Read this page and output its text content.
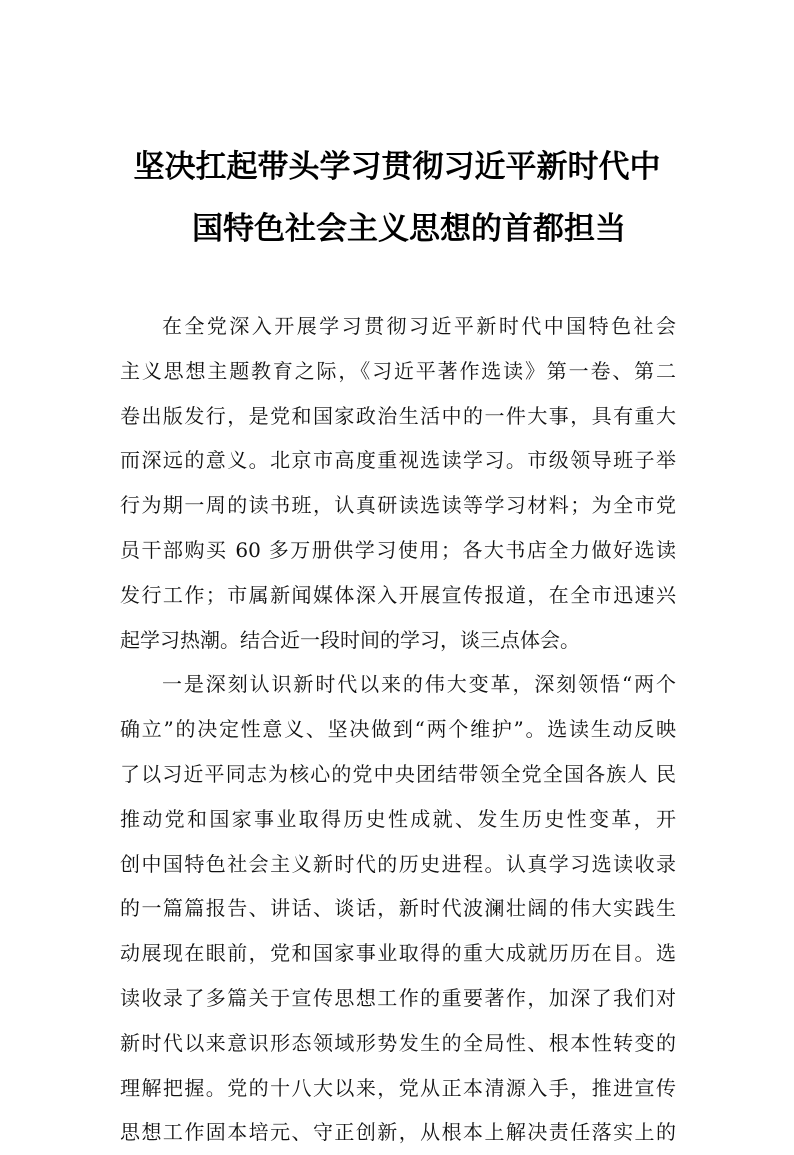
坚决扛起带头学习贯彻习近平新时代中
国特色社会主义思想的首都担当
在全党深入开展学习贯彻习近平新时代中国特色社会
主义思想主题教育之际，《习近平著作选读》第一卷、第二
卷出版发行，是党和国家政治生活中的一件大事，具有重大
而深远的意义。北京市高度重视选读学习。市级领导班子举
行为期一周的读书班，认真研读选读等学习材料；为全市党
员干部购买 60 多万册供学习使用；各大书店全力做好选读
发行工作；市属新闻媒体深入开展宣传报道，在全市迅速兴
起学习热潮。结合近一段时间的学习，谈三点体会。
一是深刻认识新时代以来的伟大变革，深刻领悟“两个
确立”的决定性意义、坚决做到“两个维护”。选读生动反映
了以习近平同志为核心的党中央团结带领全党全国各族人 民
推动党和国家事业取得历史性成就、发生历史性变革，开
创中国特色社会主义新时代的历史进程。认真学习选读收录
的一篇篇报告、讲话、谈话，新时代波澜壮阔的伟大实践生
动展现在眼前，党和国家事业取得的重大成就历历在目。选
读收录了多篇关于宣传思想工作的重要著作，加深了我们对
新时代以来意识形态领域形势发生的全局性、根本性转变的
理解把握。党的十八大以来，党从正本清源入手，推进宣传
思想工作固本培元、守正创新，从根本上解决责任落实上的
